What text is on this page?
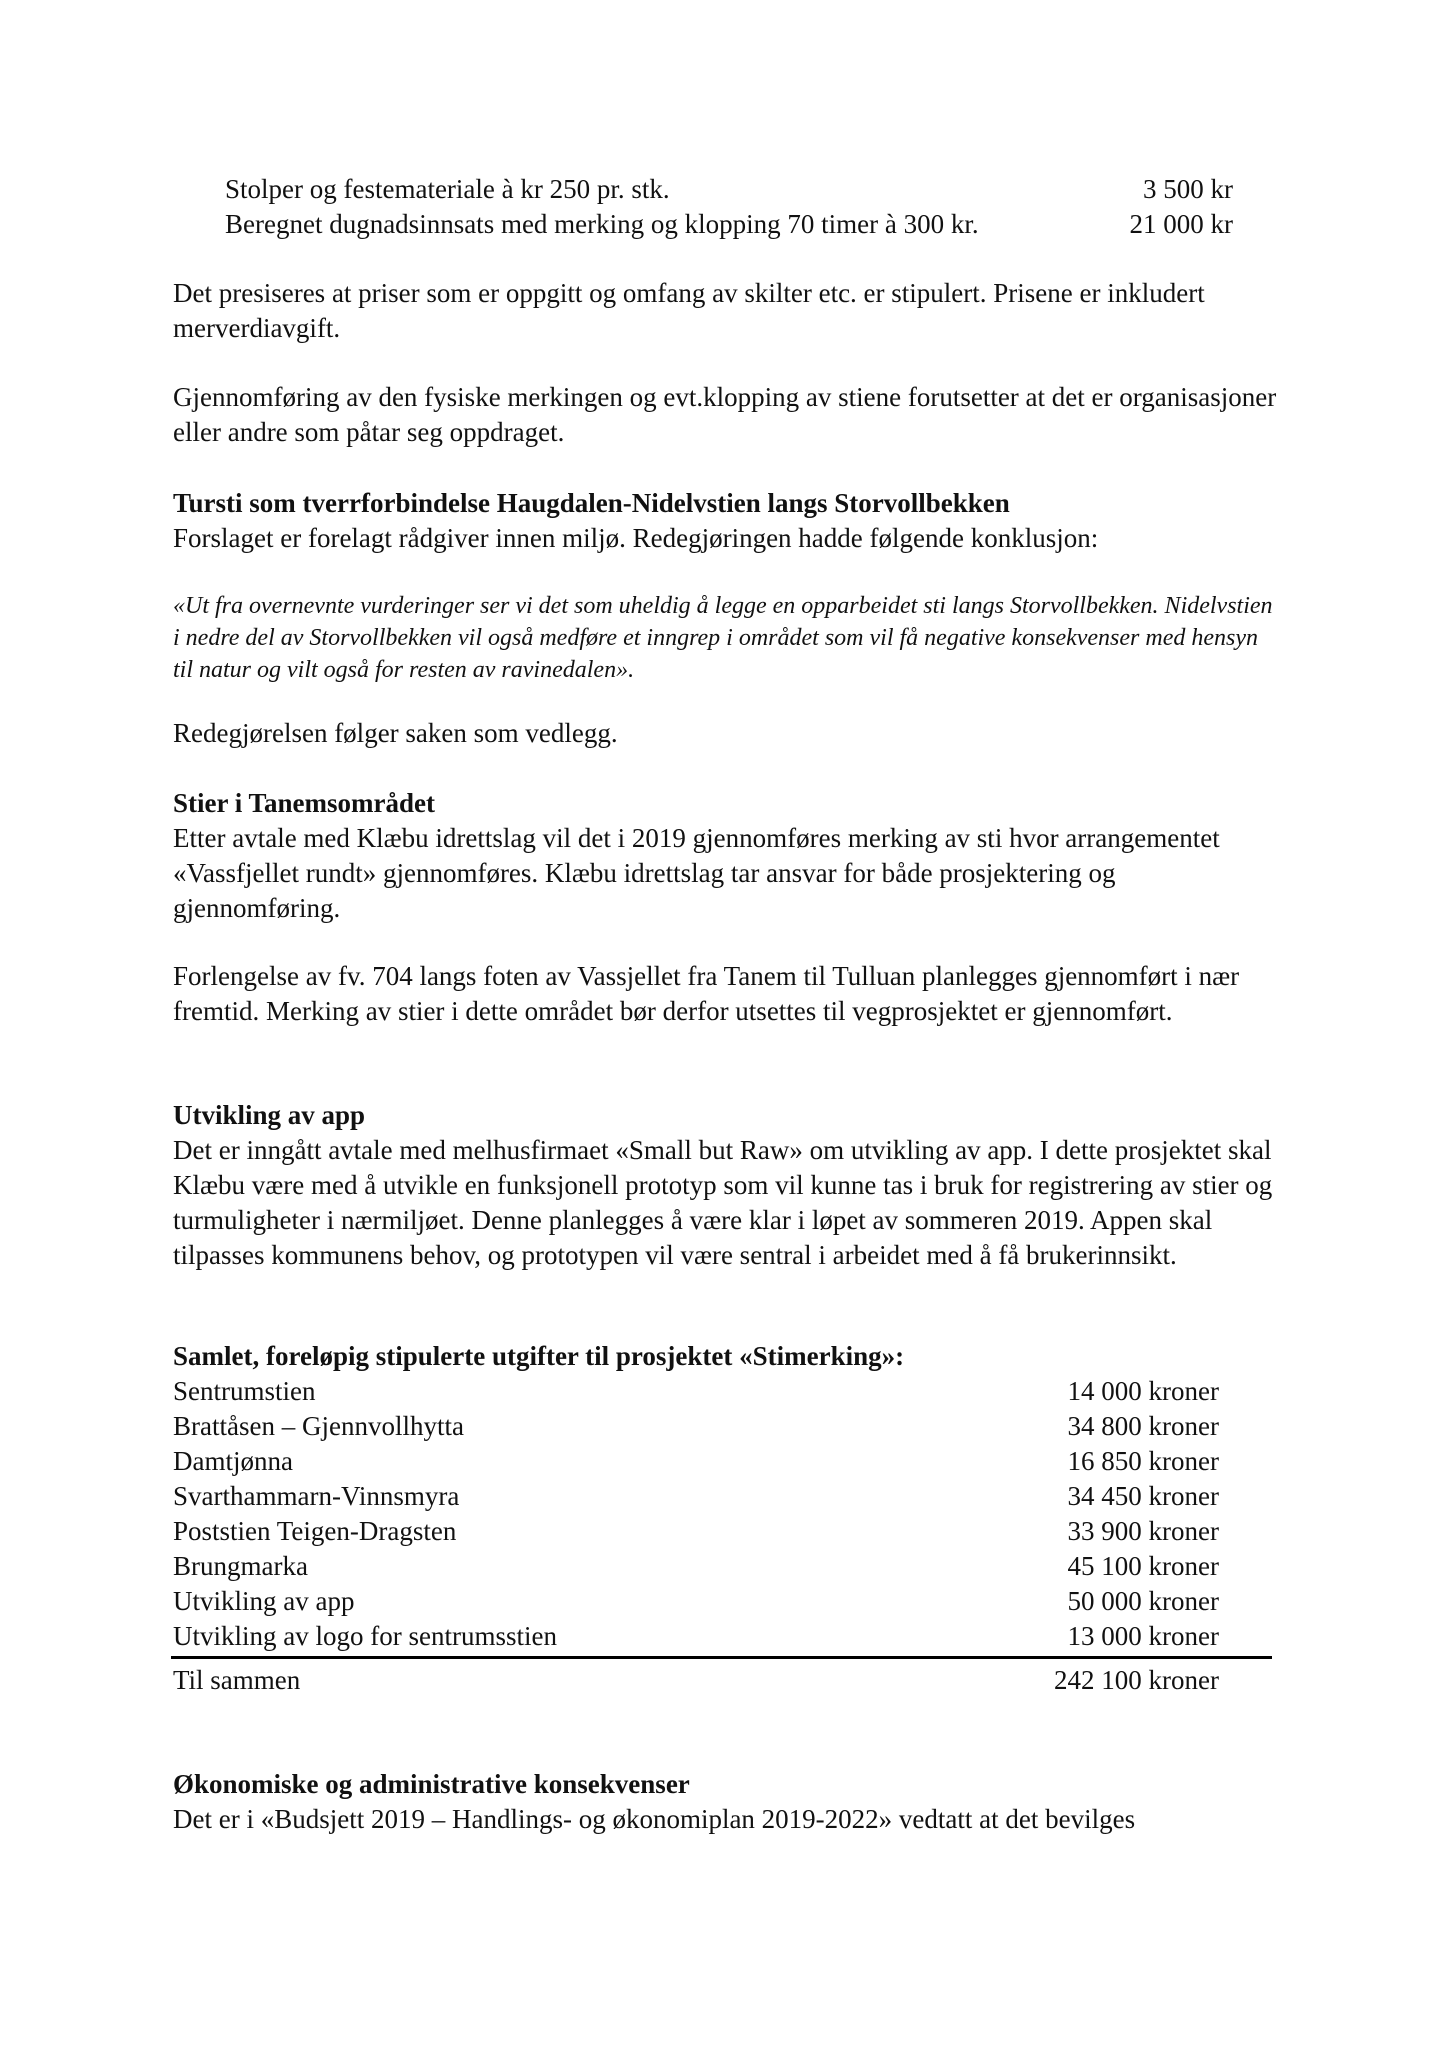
Stolper og festemateriale à kr 250 pr. stk.	3 500 kr
Beregnet dugnadsinnsats med merking og klopping 70 timer à 300 kr.	21 000 kr

Det presiseres at priser som er oppgitt og omfang av skilter etc. er stipulert. Prisene er inkludert merverdiavgift.

Gjennomføring av den fysiske merkingen og evt.klopping av stiene forutsetter at det er organisasjoner eller andre som påtar seg oppdraget.

Tursti som tverrforbindelse Haugdalen-Nidelvstien langs Storvollbekken

Forslaget er forelagt rådgiver innen miljø. Redegjøringen hadde følgende konklusjon:

«Ut fra overnevnte vurderinger ser vi det som uheldig å legge en opparbeidet sti langs Storvollbekken. Nidelvstien i nedre del av Storvollbekken vil også medføre et inngrep i området som vil få negative konsekvenser med hensyn til natur og vilt også for resten av ravinedalen».

Redegjørelsen følger saken som vedlegg.

Stier i Tanemsområdet

Etter avtale med Klæbu idrettslag vil det i 2019 gjennomføres merking av sti hvor arrangementet «Vassfjellet rundt» gjennomføres. Klæbu idrettslag tar ansvar for både prosjektering og gjennomføring.

Forlengelse av fv. 704 langs foten av Vassjellet fra Tanem til Tulluan planlegges gjennomført i nær fremtid. Merking av stier i dette området bør derfor utsettes til vegprosjektet er gjennomført.

Utvikling av app

Det er inngått avtale med melhusfirmaet «Small but Raw» om utvikling av app. I dette prosjektet skal Klæbu være med å utvikle en funksjonell prototyp som vil kunne tas i bruk for registrering av stier og turmuligheter i nærmiljøet. Denne planlegges å være klar i løpet av sommeren 2019. Appen skal tilpasses kommunens behov, og prototypen vil være sentral i arbeidet med å få brukerinnsikt.

Samlet, foreløpig stipulerte utgifter til prosjektet «Stimerking»:
Sentrumstien	14 000 kroner
Brattåsen – Gjennvollhytta	34 800 kroner
Damtjønna	16 850 kroner
Svarthammarn-Vinnsmyra	34 450 kroner
Poststien Teigen-Dragsten	33 900 kroner
Brungmarka	45 100 kroner
Utvikling av app	50 000 kroner
Utvikling av logo for sentrumsstien	13 000 kroner
Til sammen	242 100 kroner
Økonomiske og administrative konsekvenser

Det er i «Budsjett 2019 – Handlings- og økonomiplan 2019-2022» vedtatt at det bevilges
